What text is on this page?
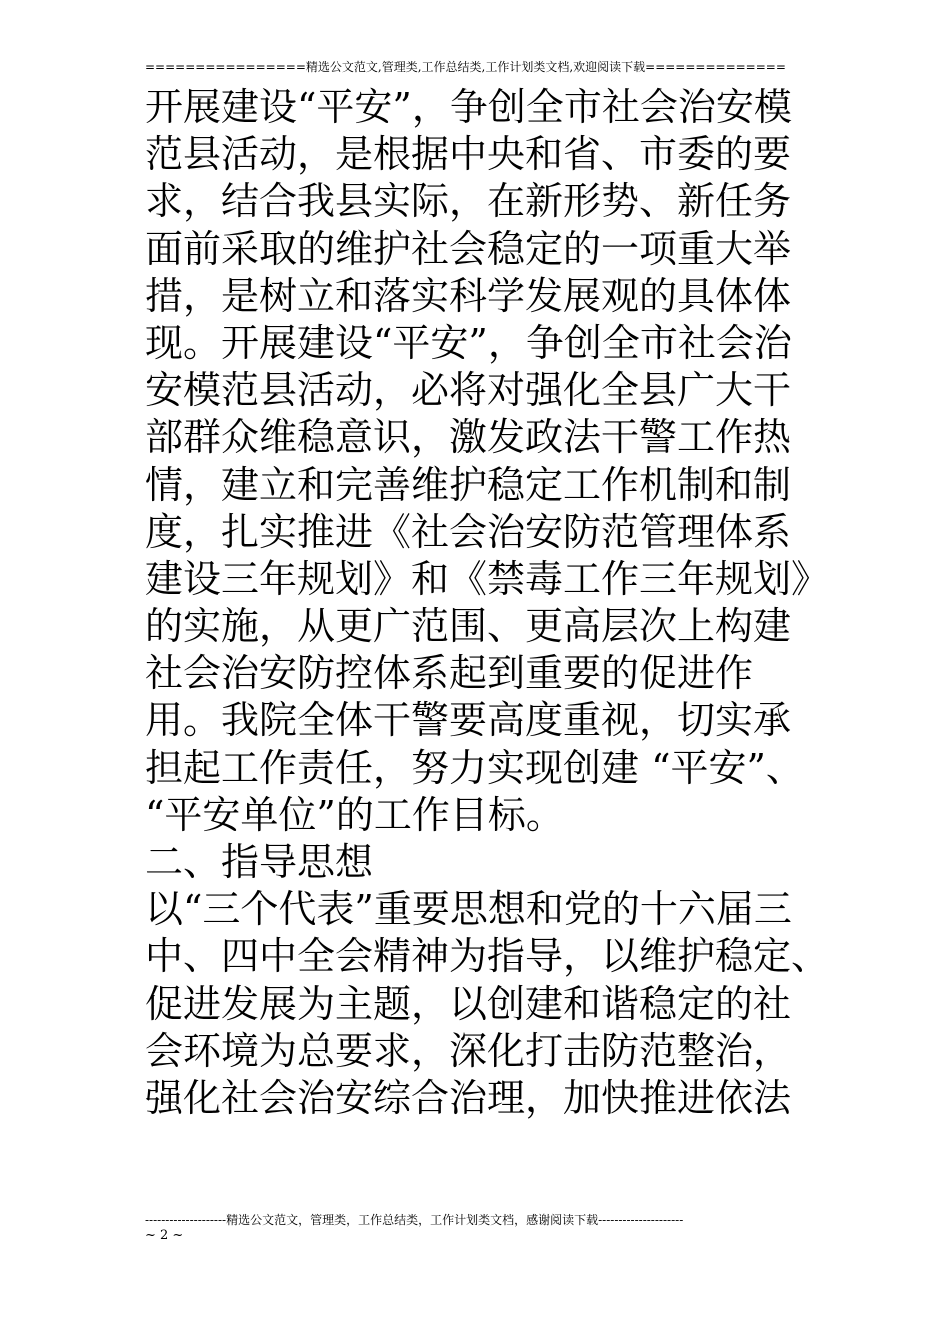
================精选公文范文,管理类,工作总结类,工作计划类文档,欢迎阅读下载==============
开展建设“平安”，争创全市社会治安模
范县活动，是根据中央和省、市委的要
求，结合我县实际，在新形势、新任务
面前采取的维护社会稳定的一项重大举
措，是树立和落实科学发展观的具体体
现。开展建设“平安”，争创全市社会治
安模范县活动，必将对强化全县广大干
部群众维稳意识，激发政法干警工作热
情，建立和完善维护稳定工作机制和制
度，扎实推进《社会治安防范管理体系
建设三年规划》和《禁毒工作三年规划》
的实施，从更广范围、更高层次上构建
社会治安防控体系起到重要的促进作
用。我院全体干警要高度重视，切实承
担起工作责任，努力实现创建 “平安”、
“平安单位”的工作目标。
二、指导思想
以“三个代表”重要思想和党的十六届三
中、四中全会精神为指导，以维护稳定、
促进发展为主题，以创建和谐稳定的社
会环境为总要求，深化打击防范整治，
强化社会治安综合治理，加快推进依法
--------------------精选公文范文，管理类，工作总结类，工作计划类文档，感谢阅读下载---------------------
~ 2 ~
